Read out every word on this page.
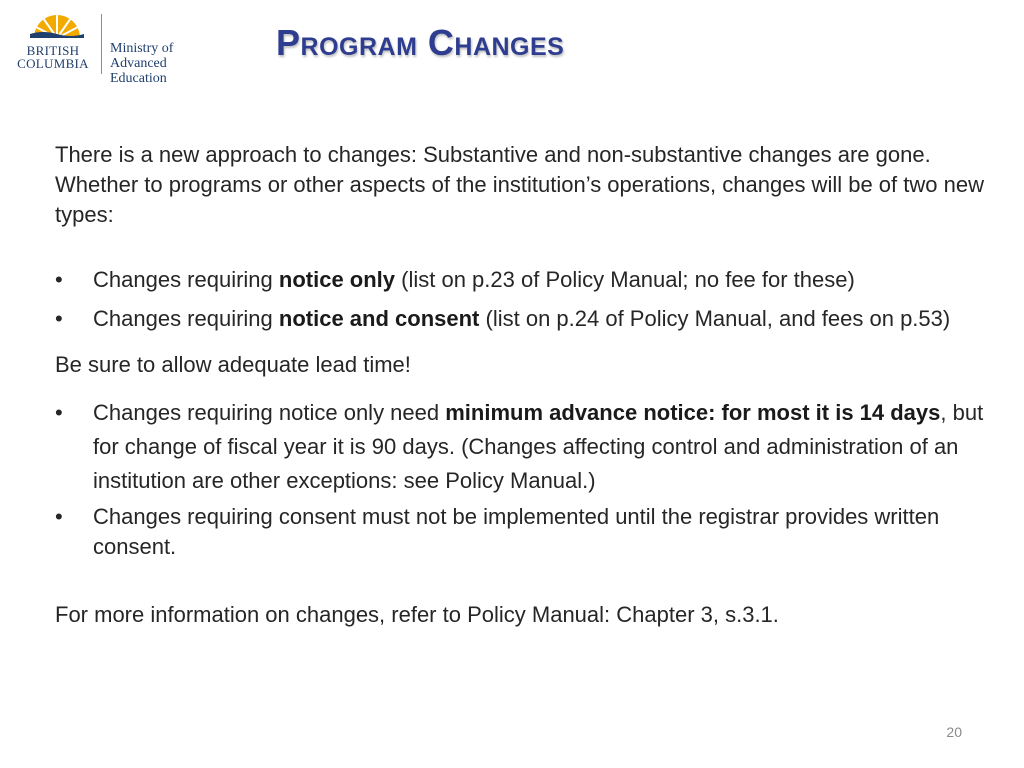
BRITISH
COLUMBIA
Ministry of
Advanced Education
Program Changes

There is a new approach to changes: Substantive and non-substantive changes are gone. Whether to programs or other aspects of the institution’s operations, changes will be of two new types:

• Changes requiring notice only (list on p.23 of Policy Manual; no fee for these)
• Changes requiring notice and consent (list on p.24 of Policy Manual, and fees on p.53)

Be sure to allow adequate lead time!

• Changes requiring notice only need minimum advance notice: for most it is 14 days, but for change of fiscal year it is 90 days. (Changes affecting control and administration of an institution are other exceptions: see Policy Manual.)
• Changes requiring consent must not be implemented until the registrar provides written consent.

For more information on changes, refer to Policy Manual: Chapter 3, s.3.1.

20
